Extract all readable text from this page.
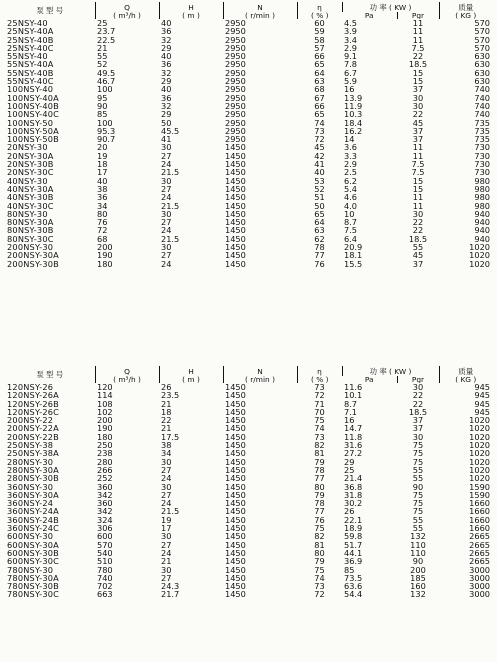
泵 型 号	Q	H	N	η	功 率 ( KW )		质量
	( m³/h )	( m )	( r/min )	( % )	Pa	Pgr	( KG )
25NSY-40	25	40	2950	60	4.5	11	570
25NSY-40A	23.7	36	2950	59	3.9	11	570
25NSY-40B	22.5	32	2950	58	3.4	11	570
25NSY-40C	21	29	2950	57	2.9	7.5	570
55NSY-40	55	40	2950	66	9.1	22	630
55NSY-40A	52	36	2950	65	7.8	18.5	630
55NSY-40B	49.5	32	2950	64	6.7	15	630
55NSY-40C	46.7	29	2950	63	5.9	15	630
100NSY-40	100	40	2950	68	16	37	740
100NSY-40A	95	36	2950	67	13.9	30	740
100NSY-40B	90	32	2950	66	11.9	30	740
100NSY-40C	85	29	2950	65	10.3	22	740
100NSY-50	100	50	2950	74	18.4	45	735
100NSY-50A	95.3	45.5	2950	73	16.2	37	735
100NSY-50B	90.7	41	2950	72	14	37	735
20NSY-30	20	30	1450	45	3.6	11	730
20NSY-30A	19	27	1450	42	3.3	11	730
20NSY-30B	18	24	1450	41	2.9	7.5	730
20NSY-30C	17	21.5	1450	40	2.5	7.5	730
40NSY-30	40	30	1450	53	6.2	15	980
40NSY-30A	38	27	1450	52	5.4	15	980
40NSY-30B	36	24	1450	51	4.6	11	980
40NSY-30C	34	21.5	1450	50	4.0	11	980
80NSY-30	80	30	1450	65	10	30	940
80NSY-30A	76	27	1450	64	8.7	22	940
80NSY-30B	72	24	1450	63	7.5	22	940
80NSY-30C	68	21.5	1450	62	6.4	18.5	940
200NSY-30	200	30	1450	78	20.9	55	1020
200NSY-30A	190	27	1450	77	18.1	45	1020
200NSY-30B	180	24	1450	76	15.5	37	1020
泵 型 号	Q	H	N	η	功 率 ( KW )		质量
	( m³/h )	( m )	( r/min )	( % )	Pa	Pgr	( KG )
120NSY-26	120	26	1450	73	11.6	30	945
120NSY-26A	114	23.5	1450	72	10.1	22	945
120NSY-26B	108	21	1450	71	8.7	22	945
120NSY-26C	102	18	1450	70	7.1	18.5	945
200NSY-22	200	22	1450	75	16	37	1020
200NSY-22A	190	21	1450	74	14.7	37	1020
200NSY-22B	180	17.5	1450	73	11.8	30	1020
250NSY-38	250	38	1450	82	31.6	75	1020
250NSY-38A	238	34	1450	81	27.2	75	1020
280NSY-30	280	30	1450	79	29	75	1020
280NSY-30A	266	27	1450	78	25	55	1020
280NSY-30B	252	24	1450	77	21.4	55	1020
360NSY-30	360	30	1450	80	36.8	90	1590
360NSY-30A	342	27	1450	79	31.8	75	1590
360NSY-24	360	24	1450	78	30.2	75	1660
360NSY-24A	342	21.5	1450	77	26	75	1660
360NSY-24B	324	19	1450	76	22.1	55	1660
360NSY-24C	306	17	1450	75	18.9	55	1660
600NSY-30	600	30	1450	82	59.8	132	2665
600NSY-30A	570	27	1450	81	51.7	110	2665
600NSY-30B	540	24	1450	80	44.1	110	2665
600NSY-30C	510	21	1450	79	36.9	90	2665
780NSY-30	780	30	1450	75	85	200	3000
780NSY-30A	740	27	1450	74	73.5	185	3000
780NSY-30B	702	24.3	1450	73	63.6	160	3000
780NSY-30C	663	21.7	1450	72	54.4	132	3000
